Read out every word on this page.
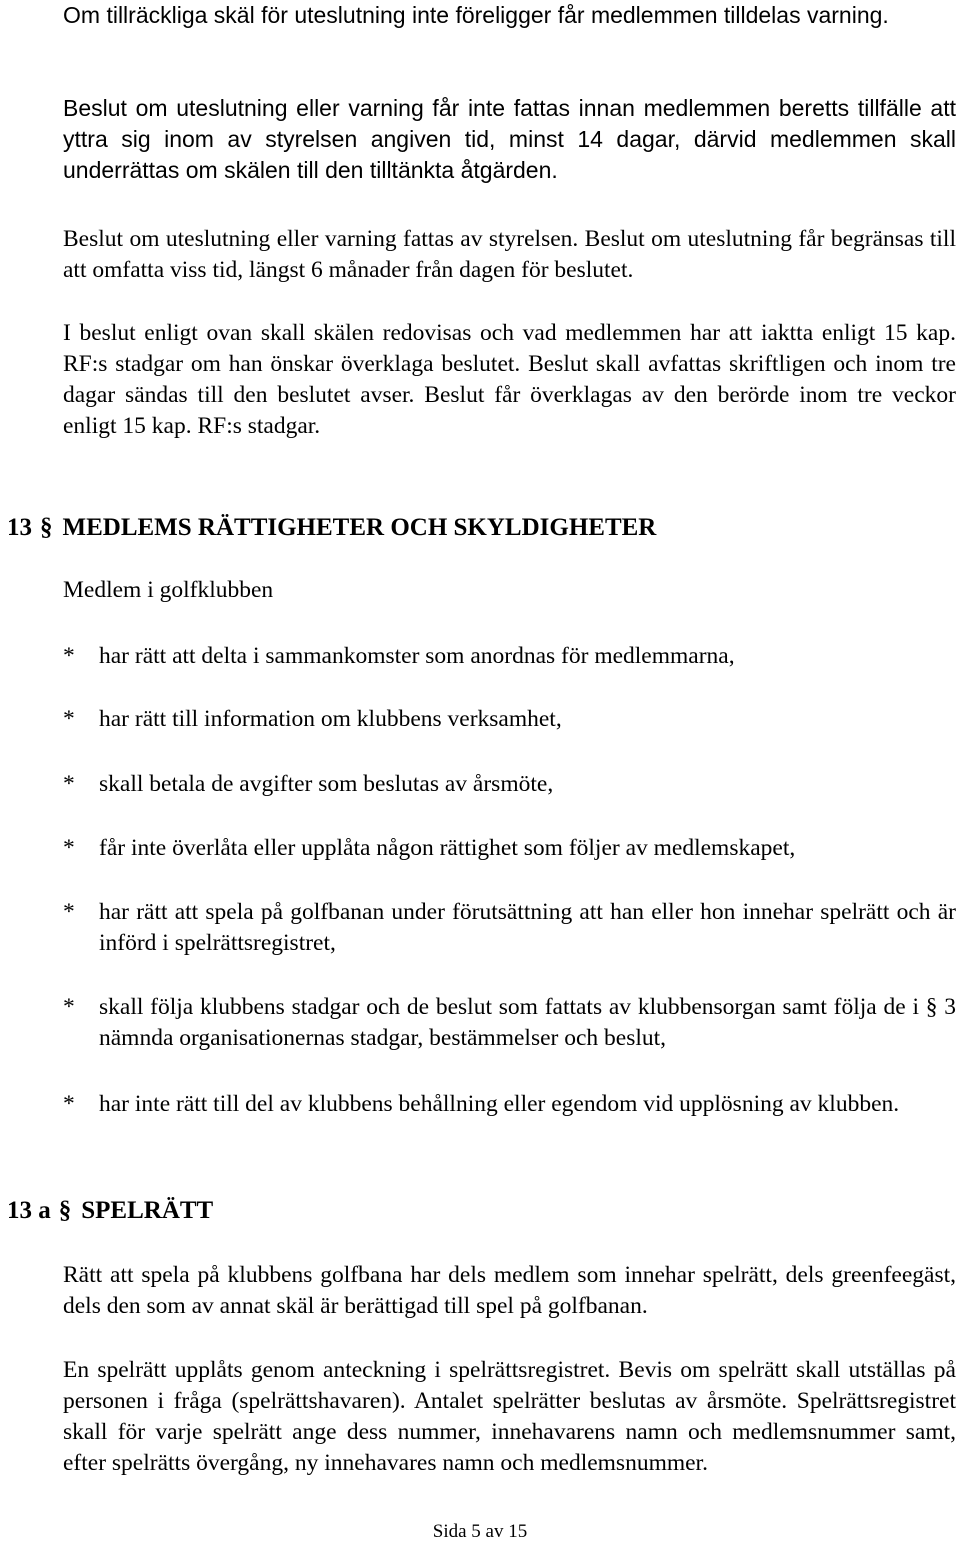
Om tillräckliga skäl för uteslutning inte föreligger får medlemmen tilldelas varning.

Beslut om uteslutning eller varning får inte fattas innan medlemmen beretts tillfälle att yttra sig inom av styrelsen angiven tid, minst 14 dagar, därvid medlemmen skall underrättas om skälen till den tilltänkta åtgärden.

Beslut om uteslutning eller varning fattas av styrelsen. Beslut om uteslutning får begränsas till att omfatta viss tid, längst 6 månader från dagen för beslutet.

I beslut enligt ovan skall skälen redovisas och vad medlemmen har att iaktta enligt 15 kap. RF:s stadgar om han önskar överklaga beslutet. Beslut skall avfattas skriftligen och inom tre dagar sändas till den beslutet avser. Beslut får överklagas av den berörde inom tre veckor enligt 15 kap. RF:s stadgar.

13 § MEDLEMS RÄTTIGHETER OCH SKYLDIGHETER
Medlem i golfklubben
* har rätt att delta i sammankomster som anordnas för medlemmarna,
* har rätt till information om klubbens verksamhet,
* skall betala de avgifter som beslutas av årsmöte,
* får inte överlåta eller upplåta någon rättighet som följer av medlemskapet,
* har rätt att spela på golfbanan under förutsättning att han eller hon innehar spelrätt och är införd i spelrättsregistret,
* skall följa klubbens stadgar och de beslut som fattats av klubbensorgan samt följa de i § 3 nämnda organisationernas stadgar, bestämmelser och beslut,
* har inte rätt till del av klubbens behållning eller egendom vid upplösning av klubben.
13 a § SPELRÄTT

Rätt att spela på klubbens golfbana har dels medlem som innehar spelrätt, dels greenfeegäst, dels den som av annat skäl är berättigad till spel på golfbanan.

En spelrätt upplåts genom anteckning i spelrättsregistret. Bevis om spelrätt skall utställas på personen i fråga (spelrättshavaren). Antalet spelrätter beslutas av årsmöte. Spelrättsregistret skall för varje spelrätt ange dess nummer, innehavarens namn och medlemsnummer samt, efter spelrätts övergång, ny innehavares namn och medlemsnummer.

Sida 5 av 15
